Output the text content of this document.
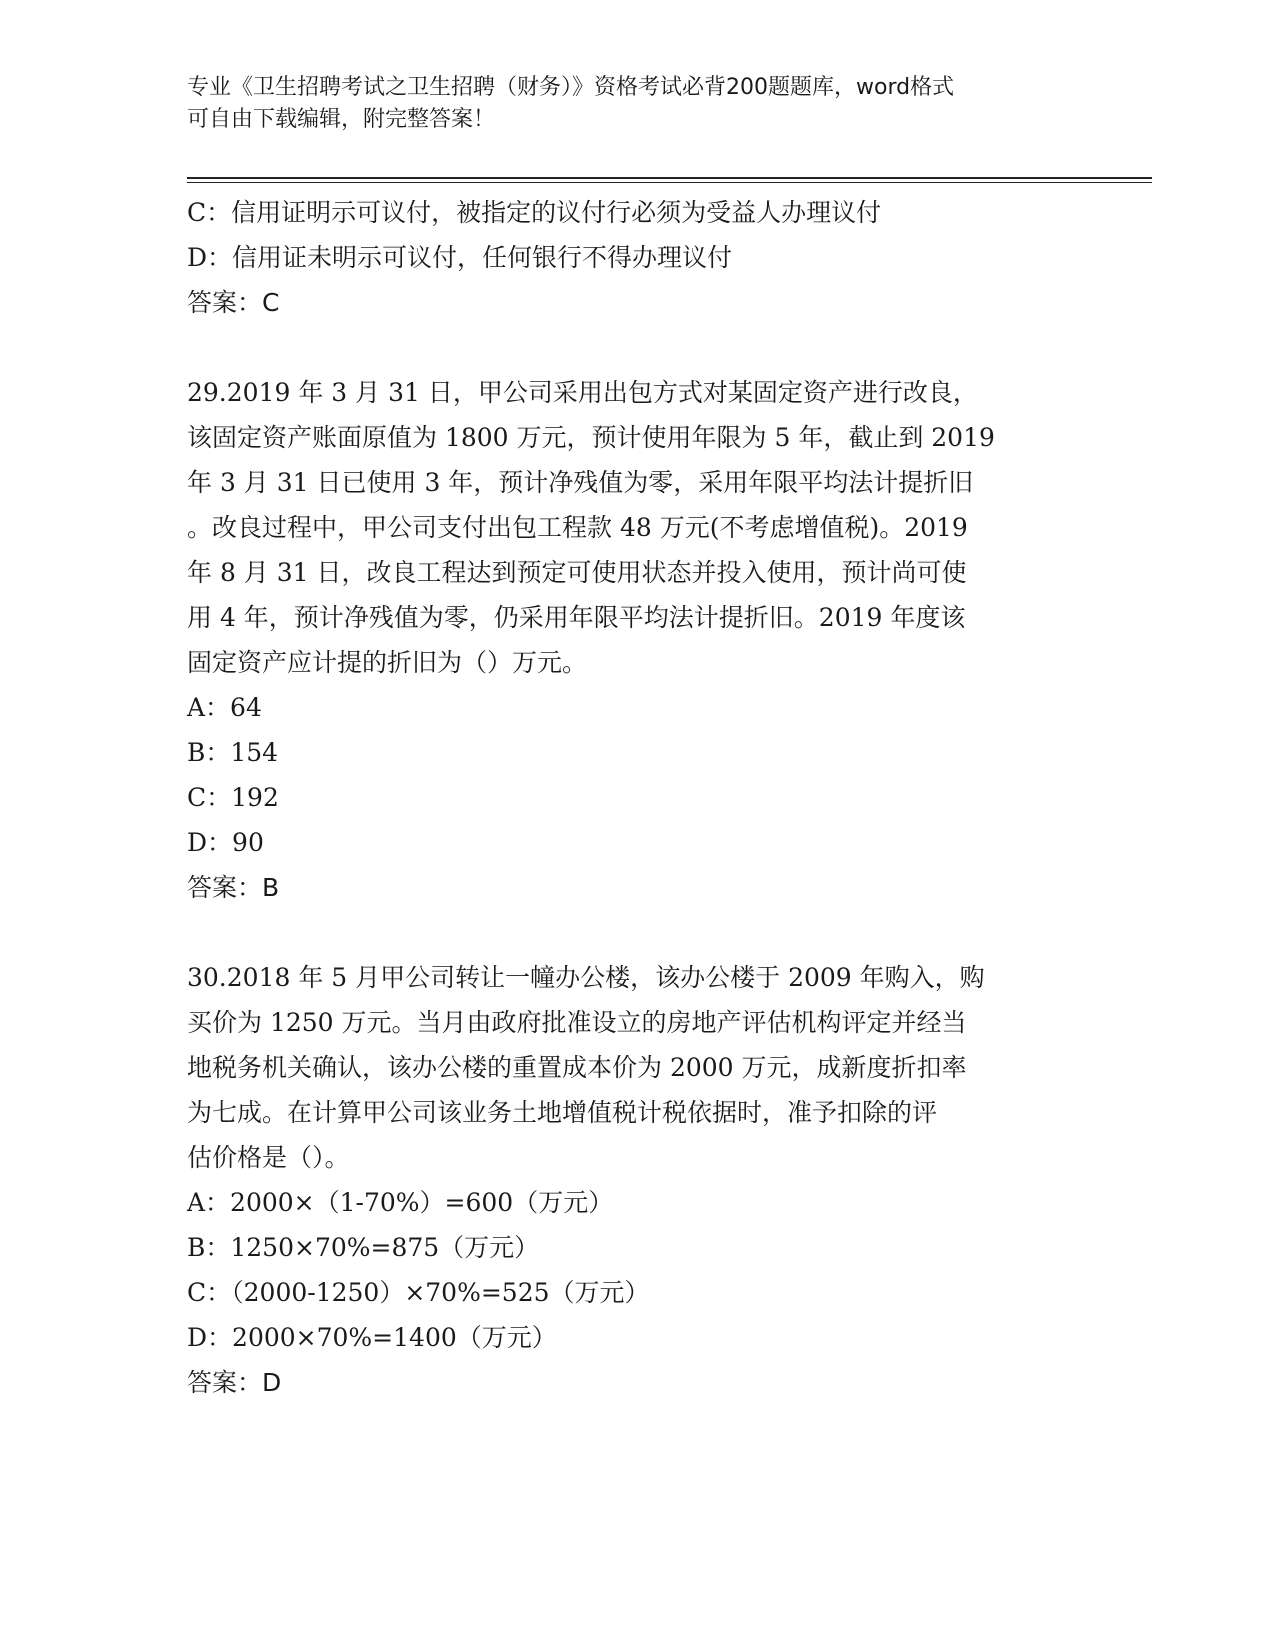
专业《卫生招聘考试之卫生招聘（财务）》资格考试必背200题题库，word格式
可自由下载编辑，附完整答案！
C：信用证明示可议付，被指定的议付行必须为受益人办理议付
D：信用证未明示可议付，任何银行不得办理议付
答案：C
29.2019 年 3 月 31 日，甲公司采用出包方式对某固定资产进行改良，
该固定资产账面原值为 1800 万元，预计使用年限为 5 年，截止到 2019
年 3 月 31 日已使用 3 年，预计净残值为零，采用年限平均法计提折旧
。改良过程中，甲公司支付出包工程款 48 万元(不考虑增值税)。2019
年 8 月 31 日，改良工程达到预定可使用状态并投入使用，预计尚可使
用 4 年，预计净残值为零，仍采用年限平均法计提折旧。2019 年度该
固定资产应计提的折旧为（）万元。
A：64
B：154
C：192
D：90
答案：B
30.2018 年 5 月甲公司转让一幢办公楼，该办公楼于 2009 年购入，购
买价为 1250 万元。当月由政府批准设立的房地产评估机构评定并经当
地税务机关确认，该办公楼的重置成本价为 2000 万元，成新度折扣率
为七成。在计算甲公司该业务土地增值税计税依据时，准予扣除的评
估价格是（）。
A：2000×（1-70%）=600（万元）
B：1250×70%=875（万元）
C：（2000-1250）×70%=525（万元）
D：2000×70%=1400（万元）
答案：D
